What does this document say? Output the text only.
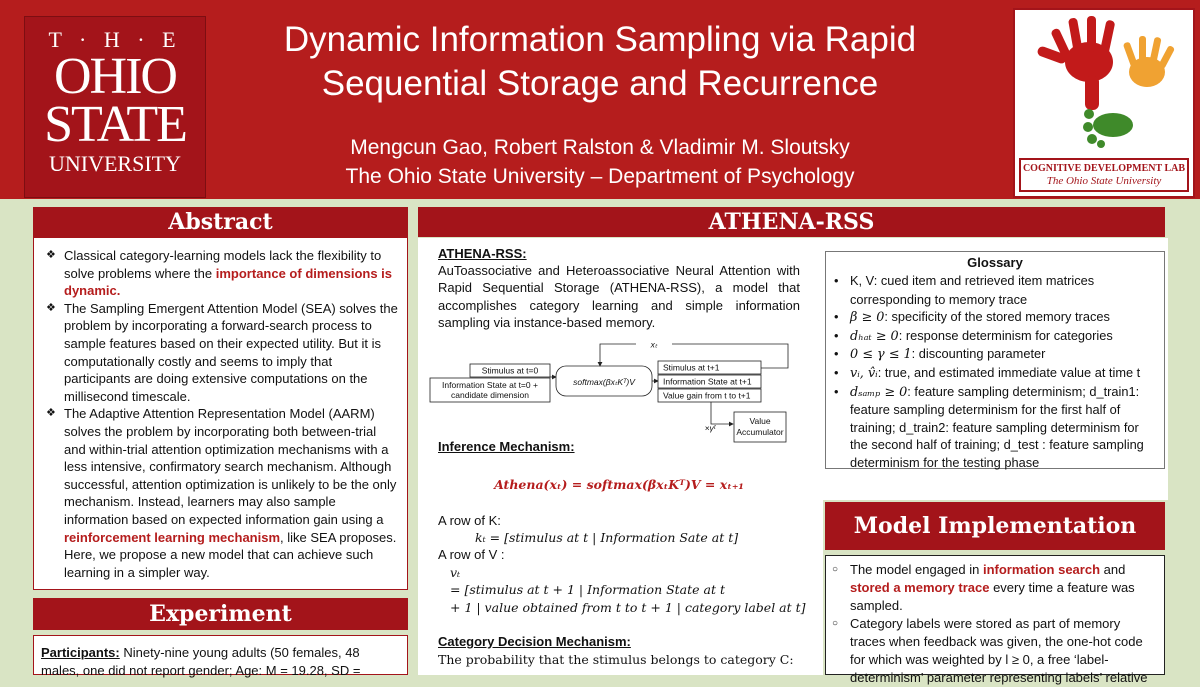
T · H · E
OHIO
STATE
UNIVERSITY
Dynamic Information Sampling via Rapid
Sequential Storage and Recurrence
Mengcun Gao, Robert Ralston & Vladimir M. Sloutsky
The Ohio State University – Department of Psychology	COGNITIVE DEVELOPMENT LAB
The Ohio State University
Abstract
❖ Classical category-learning models lack the flexibility to solve problems where the importance of dimensions is dynamic.
❖ The Sampling Emergent Attention Model (SEA) solves the problem by incorporating a forward-search process to sample features based on their expected utility. But it is computationally costly and seems to imply that participants are doing extensive computations on the millisecond timescale.
❖ The Adaptive Attention Representation Model (AARM) solves the problem by incorporating both between-trial and within-trial attention optimization mechanisms with a less intensive, confirmatory search mechanism. Although successful, attention optimization is unlikely to be the only mechanism. Instead, learners may also sample information based on expected information gain using a reinforcement learning mechanism, like SEA proposes. Here, we propose a new model that can achieve such learning in a simpler way.
Experiment
Participants: Ninety-nine young adults (50 females, 48 males, one did not report gender; Age: M = 19.28, SD =
ATHENA-RSS
ATHENA-RSS:
AuToassociative and Heteroassociative Neural Attention with Rapid Sequential Storage (ATHENA-RSS), a model that accomplishes category learning and simple information sampling via instance-based memory.
Stimulus at t=0
Information State at t=0 +
candidate dimension
softmax(βxₜKᵀ)V
Stimulus at t+1
Information State at t+1
Value gain from t to t+1
xₜ
×γᵗ
Value
Accumulator
Inference Mechanism:
Athena(xₜ) = softmax(βxₜKᵀ)V = xₜ₊₁
A row of K:
kₜ = [stimulus at t | Information Sate at t]
A row of V :
vₜ
= [stimulus at t + 1 | Information State at t
+ 1 | value obtained from t to t + 1 | category label at t]
Category Decision Mechanism:
The probability that the stimulus belongs to category C:
Glossary
• K, V: cued item and retrieved item matrices corresponding to memory trace
• β ≥ 0: specificity of the stored memory traces
• dₕₐₜ ≥ 0: response determinism for categories
• 0 ≤ γ ≤ 1: discounting parameter
• vᵢ, v̂ᵢ: true, and estimated immediate value at time t
• dₛₐₘₚ ≥ 0: feature sampling determinism; d_train1: feature sampling determinism for the first half of training; d_train2: feature sampling determinism for the second half of training; d_test : feature sampling determinism for the testing phase
Model Implementation
○ The model engaged in information search and stored a memory trace every time a feature was sampled.
○ Category labels were stored as part of memory traces when feedback was given, the one-hot code for which was weighted by l ≥ 0, a free ‘label-determinism’ parameter representing labels’ relative
